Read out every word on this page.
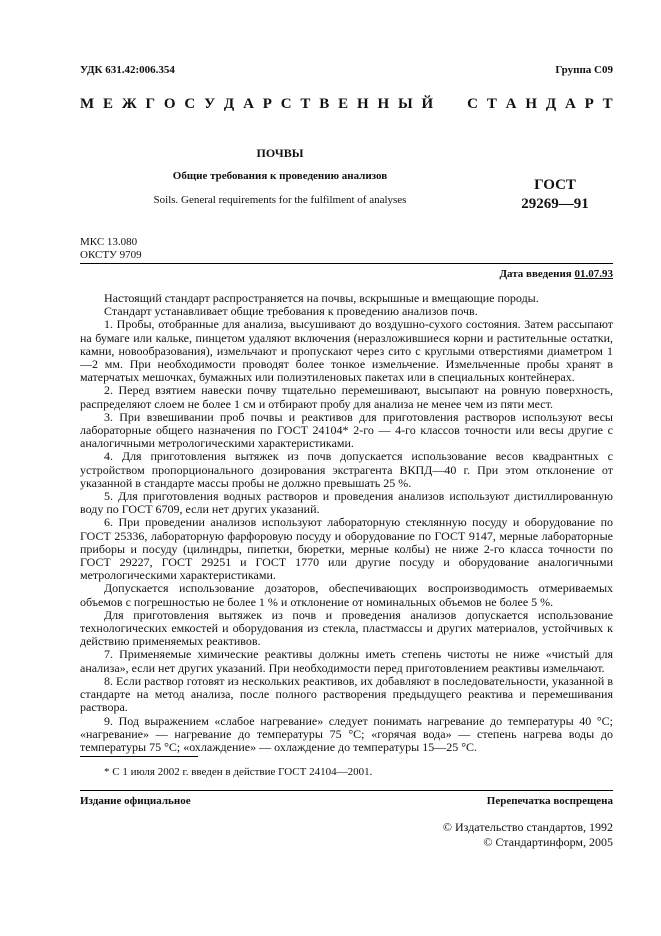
УДК 631.42:006.354	Группа С09
М Е Ж Г О С У Д А Р С Т В Е Н Н Ы Й

С Т А Н Д А Р Т
ПОЧВЫ
Общие требования к проведению анализов
Soils. General requirements for the fulfilment of analyses
ГОСТ
29269—91
МКС 13.080
ОКСТУ 9709
Дата введения 01.07.93

Настоящий стандарт распространяется на почвы, вскрышные и вмещающие породы.

Стандарт устанавливает общие требования к проведению анализов почв.

1. Пробы, отобранные для анализа, высушивают до воздушно-сухого состояния. Затем рассыпают на бумаге или кальке, пинцетом удаляют включения (неразложившиеся корни и растительные остатки, камни, новообразования), измельчают и пропускают через сито с круглыми отверстиями диаметром 1—2 мм. При необходимости проводят более тонкое измельчение. Измельченные пробы хранят в матерчатых мешочках, бумажных или полиэтиленовых пакетах или в специальных контейнерах.

2. Перед взятием навески почву тщательно перемешивают, высыпают на ровную поверхность, распределяют слоем не более 1 см и отбирают пробу для анализа не менее чем из пяти мест.

3. При взвешивании проб почвы и реактивов для приготовления растворов используют весы лабораторные общего назначения по ГОСТ 24104* 2-го — 4-го классов точности или весы другие с аналогичными метрологическими характеристиками.

4. Для приготовления вытяжек из почв допускается использование весов квадрантных с устройством пропорционального дозирования экстрагента ВКПД—40 г. При этом отклонение от указанной в стандарте массы пробы не должно превышать 25 %.

5. Для приготовления водных растворов и проведения анализов используют дистиллированную воду по ГОСТ 6709, если нет других указаний.

6. При проведении анализов используют лабораторную стеклянную посуду и оборудование по ГОСТ 25336, лабораторную фарфоровую посуду и оборудование по ГОСТ 9147, мерные лабораторные приборы и посуду (цилиндры, пипетки, бюретки, мерные колбы) не ниже 2-го класса точности по ГОСТ 29227, ГОСТ 29251 и ГОСТ 1770 или другие посуду и оборудование аналогичными метрологическими характеристиками.

Допускается использование дозаторов, обеспечивающих воспроизводимость отмериваемых объемов с погрешностью не более 1 % и отклонение от номинальных объемов не более 5 %.

Для приготовления вытяжек из почв и проведения анализов допускается использование технологических емкостей и оборудования из стекла, пластмассы и других материалов, устойчивых к действию применяемых реактивов.

7. Применяемые химические реактивы должны иметь степень чистоты не ниже «чистый для анализа», если нет других указаний. При необходимости перед приготовлением реактивы измельчают.

8. Если раствор готовят из нескольких реактивов, их добавляют в последовательности, указанной в стандарте на метод анализа, после полного растворения предыдущего реактива и перемешивания раствора.

9. Под выражением «слабое нагревание» следует понимать нагревание до температуры 40 °С; «нагревание» — нагревание до температуры 75 °С; «горячая вода» — степень нагрева воды до температуры 75 °С; «охлаждение» — охлаждение до температуры 15—25 °С.

* С 1 июля 2002 г. введен в действие ГОСТ 24104—2001.
Издание официальное	Перепечатка воспрещена
© Издательство стандартов, 1992
© Стандартинформ, 2005
